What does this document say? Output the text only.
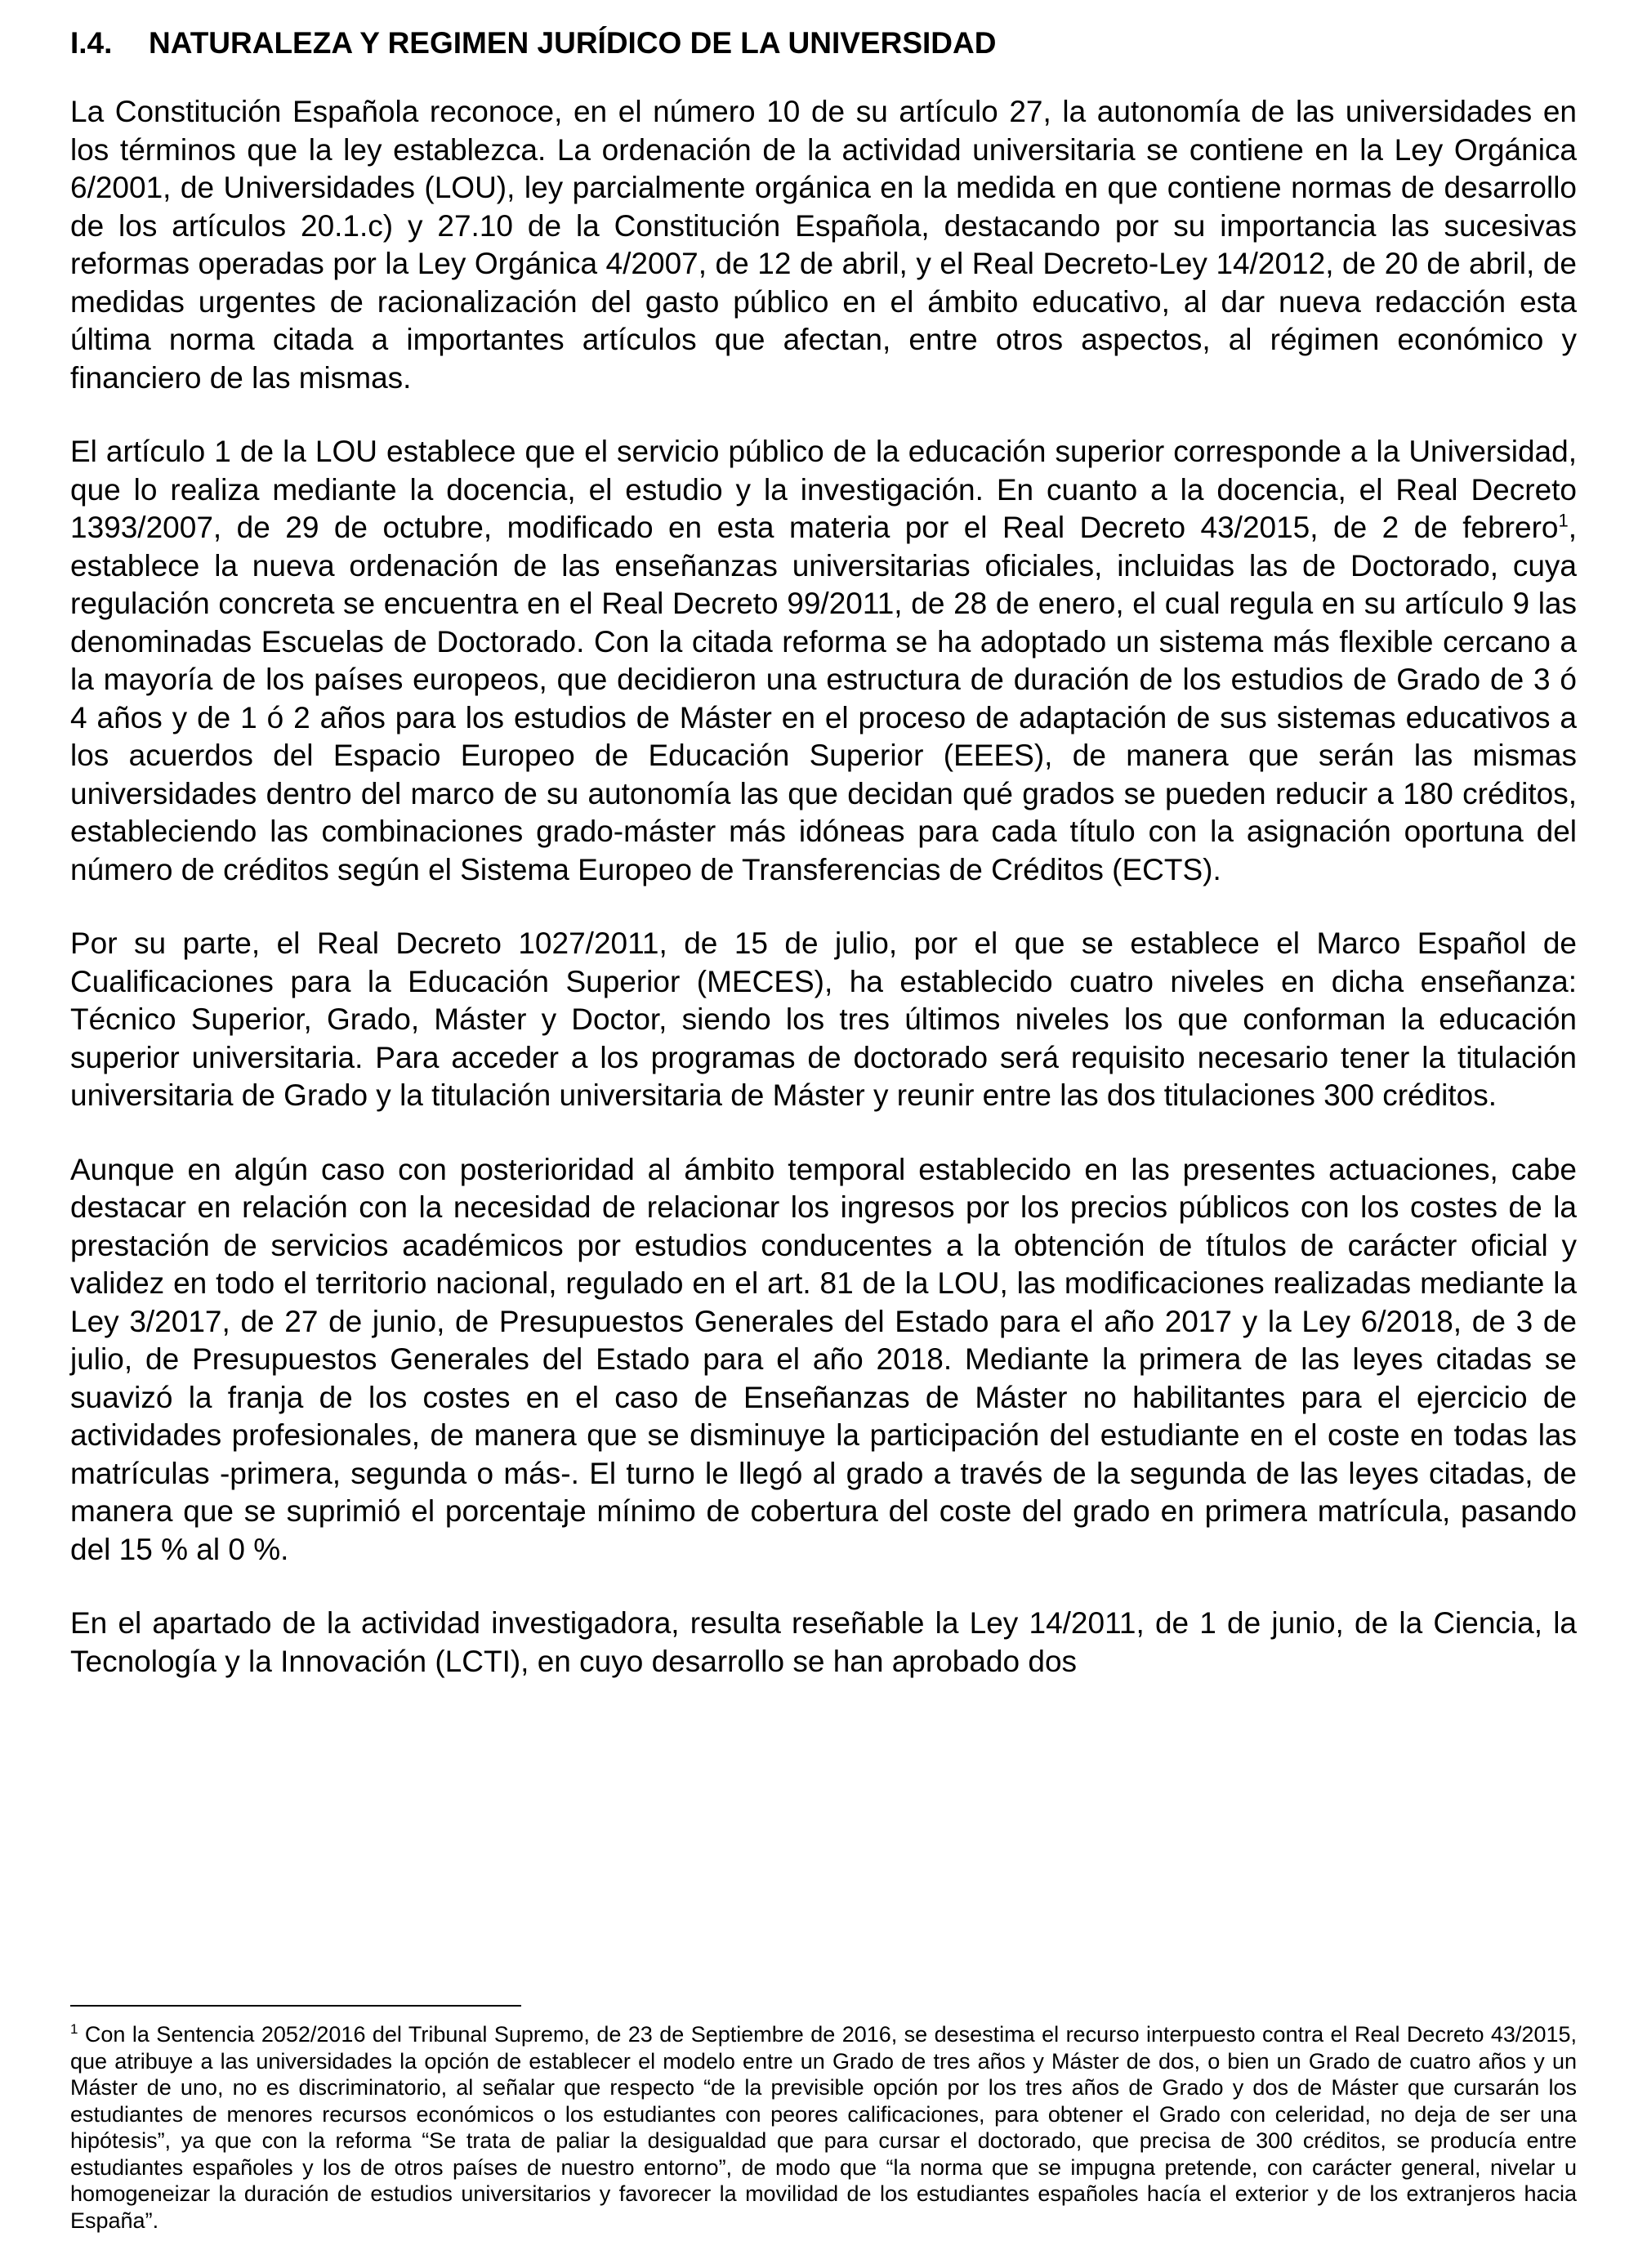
I.4. NATURALEZA Y REGIMEN JURÍDICO DE LA UNIVERSIDAD

La Constitución Española reconoce, en el número 10 de su artículo 27, la autonomía de las universidades en los términos que la ley establezca. La ordenación de la actividad universitaria se contiene en la Ley Orgánica 6/2001, de Universidades (LOU), ley parcialmente orgánica en la medida en que contiene normas de desarrollo de los artículos 20.1.c) y 27.10 de la Constitución Española, destacando por su importancia las sucesivas reformas operadas por la Ley Orgánica 4/2007, de 12 de abril, y el Real Decreto-Ley 14/2012, de 20 de abril, de medidas urgentes de racionalización del gasto público en el ámbito educativo, al dar nueva redacción esta última norma citada a importantes artículos que afectan, entre otros aspectos, al régimen económico y financiero de las mismas.

El artículo 1 de la LOU establece que el servicio público de la educación superior corresponde a la Universidad, que lo realiza mediante la docencia, el estudio y la investigación. En cuanto a la docencia, el Real Decreto 1393/2007, de 29 de octubre, modificado en esta materia por el Real Decreto 43/2015, de 2 de febrero$^1$, establece la nueva ordenación de las enseñanzas universitarias oficiales, incluidas las de Doctorado, cuya regulación concreta se encuentra en el Real Decreto 99/2011, de 28 de enero, el cual regula en su artículo 9 las denominadas Escuelas de Doctorado. Con la citada reforma se ha adoptado un sistema más flexible cercano a la mayoría de los países europeos, que decidieron una estructura de duración de los estudios de Grado de 3 ó 4 años y de 1 ó 2 años para los estudios de Máster en el proceso de adaptación de sus sistemas educativos a los acuerdos del Espacio Europeo de Educación Superior (EEES), de manera que serán las mismas universidades dentro del marco de su autonomía las que decidan qué grados se pueden reducir a 180 créditos, estableciendo las combinaciones grado-máster más idóneas para cada título con la asignación oportuna del número de créditos según el Sistema Europeo de Transferencias de Créditos (ECTS).

Por su parte, el Real Decreto 1027/2011, de 15 de julio, por el que se establece el Marco Español de Cualificaciones para la Educación Superior (MECES), ha establecido cuatro niveles en dicha enseñanza: Técnico Superior, Grado, Máster y Doctor, siendo los tres últimos niveles los que conforman la educación superior universitaria. Para acceder a los programas de doctorado será requisito necesario tener la titulación universitaria de Grado y la titulación universitaria de Máster y reunir entre las dos titulaciones 300 créditos.

Aunque en algún caso con posterioridad al ámbito temporal establecido en las presentes actuaciones, cabe destacar en relación con la necesidad de relacionar los ingresos por los precios públicos con los costes de la prestación de servicios académicos por estudios conducentes a la obtención de títulos de carácter oficial y validez en todo el territorio nacional, regulado en el art. 81 de la LOU, las modificaciones realizadas mediante la Ley 3/2017, de 27 de junio, de Presupuestos Generales del Estado para el año 2017 y la Ley 6/2018, de 3 de julio, de Presupuestos Generales del Estado para el año 2018. Mediante la primera de las leyes citadas se suavizó la franja de los costes en el caso de Enseñanzas de Máster no habilitantes para el ejercicio de actividades profesionales, de manera que se disminuye la participación del estudiante en el coste en todas las matrículas -primera, segunda o más-. El turno le llegó al grado a través de la segunda de las leyes citadas, de manera que se suprimió el porcentaje mínimo de cobertura del coste del grado en primera matrícula, pasando del 15 % al 0 %.

En el apartado de la actividad investigadora, resulta reseñable la Ley 14/2011, de 1 de junio, de la Ciencia, la Tecnología y la Innovación (LCTI), en cuyo desarrollo se han aprobado dos

$^1$ Con la Sentencia 2052/2016 del Tribunal Supremo, de 23 de Septiembre de 2016, se desestima el recurso interpuesto contra el Real Decreto 43/2015, que atribuye a las universidades la opción de establecer el modelo entre un Grado de tres años y Máster de dos, o bien un Grado de cuatro años y un Máster de uno, no es discriminatorio, al señalar que respecto “de la previsible opción por los tres años de Grado y dos de Máster que cursarán los estudiantes de menores recursos económicos o los estudiantes con peores calificaciones, para obtener el Grado con celeridad, no deja de ser una hipótesis”, ya que con la reforma “Se trata de paliar la desigualdad que para cursar el doctorado, que precisa de 300 créditos, se producía entre estudiantes españoles y los de otros países de nuestro entorno”, de modo que “la norma que se impugna pretende, con carácter general, nivelar u homogeneizar la duración de estudios universitarios y favorecer la movilidad de los estudiantes españoles hacía el exterior y de los extranjeros hacia España”.
